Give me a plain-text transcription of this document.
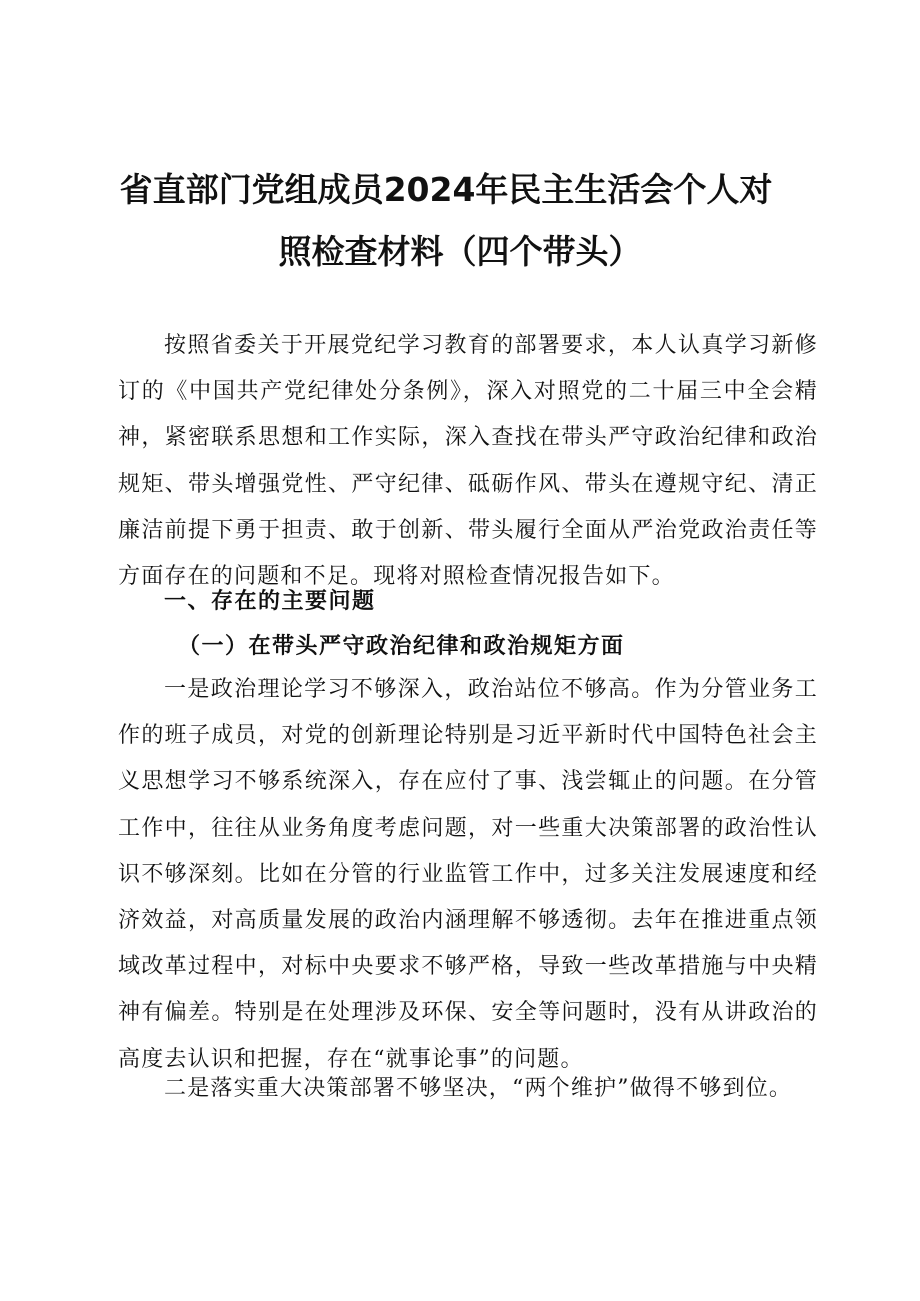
省直部门党组成员2024年民主生活会个人对
照检查材料（四个带头）

按照省委关于开展党纪学习教育的部署要求，本人认真学习新修订的《中国共产党纪律处分条例》，深入对照党的二十届三中全会精神，紧密联系思想和工作实际，深入查找在带头严守政治纪律和政治规矩、带头增强党性、严守纪律、砥砺作风、带头在遵规守纪、清正廉洁前提下勇于担责、敢于创新、带头履行全面从严治党政治责任等方面存在的问题和不足。现将对照检查情况报告如下。

一、存在的主要问题
（一）在带头严守政治纪律和政治规矩方面

一是政治理论学习不够深入，政治站位不够高。作为分管业务工作的班子成员，对党的创新理论特别是习近平新时代中国特色社会主义思想学习不够系统深入，存在应付了事、浅尝辄止的问题。在分管工作中，往往从业务角度考虑问题，对一些重大决策部署的政治性认识不够深刻。比如在分管的行业监管工作中，过多关注发展速度和经济效益，对高质量发展的政治内涵理解不够透彻。去年在推进重点领域改革过程中，对标中央要求不够严格，导致一些改革措施与中央精神有偏差。特别是在处理涉及环保、安全等问题时，没有从讲政治的高度去认识和把握，存在“就事论事”的问题。

二是落实重大决策部署不够坚决，“两个维护”做得不够到位。
